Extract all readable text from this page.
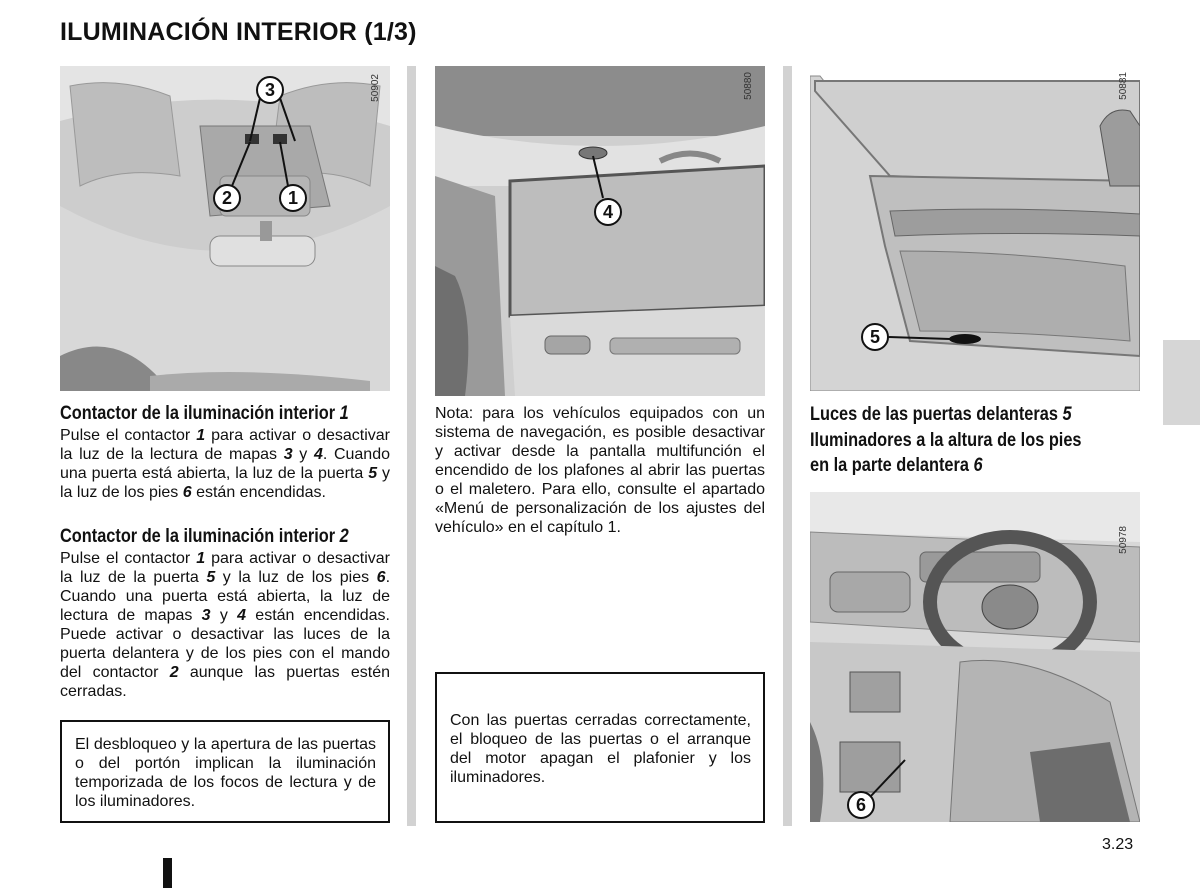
ILUMINACIÓN INTERIOR (1/3)
50902
3
2	1
50880
4
50881
5
50978
6
Contactor de la iluminación interior 1
Pulse el contactor 1 para activar o desactivar la luz de la lectura de mapas 3 y 4. Cuando una puerta está abierta, la luz de la puerta 5 y la luz de los pies 6 están encendidas.
Contactor de la iluminación interior 2
Pulse el contactor 1 para activar o desactivar la luz de la puerta 5 y la luz de los pies 6. Cuando una puerta está abierta, la luz de lectura de mapas 3 y 4 están encendidas. Puede activar o desactivar las luces de la puerta delantera y de los pies con el mando del contactor 2 aunque las puertas estén cerradas.
El desbloqueo y la apertura de las puertas o del portón implican la iluminación temporizada de los focos de lectura y de los iluminadores.
Nota: para los vehículos equipados con un sistema de navegación, es posible desactivar y activar desde la pantalla multifunción el encendido de los plafones al abrir las puertas o el maletero. Para ello, consulte el apartado «Menú de personalización de los ajustes del vehículo» en el capítulo 1.
Con las puertas cerradas correctamente, el bloqueo de las puertas o el arranque del motor apagan el plafonier y los iluminadores.
Luces de las puertas delanteras 5
Iluminadores a la altura de los pies
en la parte delantera 6
3.23
